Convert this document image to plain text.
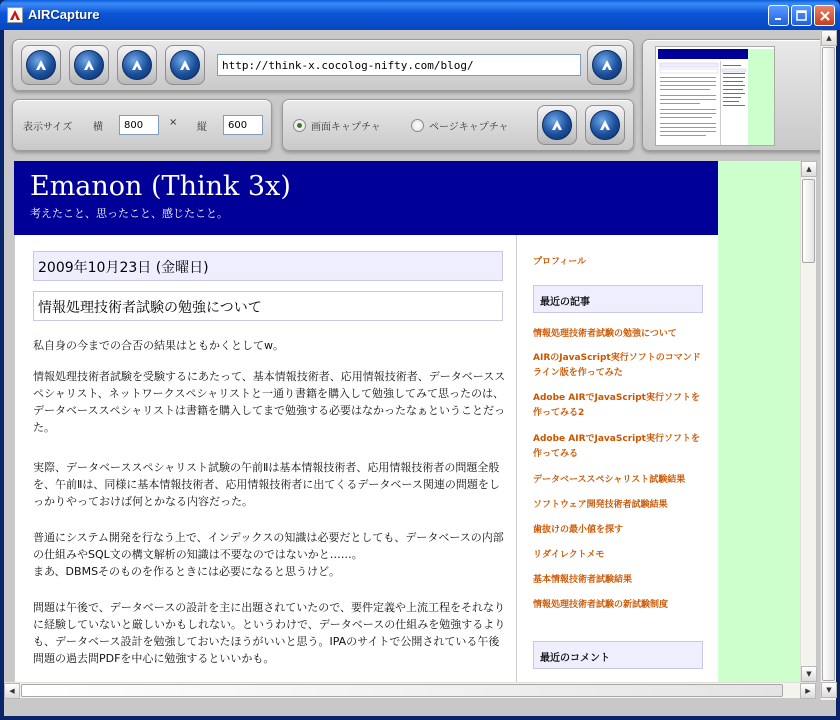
AIRCapture
http://think-x.cocolog-nifty.com/blog/
表示サイズ 横
800	× 縦
600	画面キャプチャ	ページキャプチャ
Emanon (Think 3x)
考えたこと、思ったこと、感じたこと。
2009年10月23日 (金曜日)
情報処理技術者試験の勉強について
私自身の今までの合否の結果はともかくとしてw。
情報処理技術者試験を受験するにあたって、基本情報技術者、応用情報技術者、データベーススペシャリスト、ネットワークスペシャリストと一通り書籍を購入して勉強してみて思ったのは、データベーススペシャリストは書籍を購入してまで勉強する必要はなかったなぁということだった。
実際、データベーススペシャリスト試験の午前Ⅱは基本情報技術者、応用情報技術者の問題全般を、午前Ⅱは、同様に基本情報技術者、応用情報技術者に出てくるデータベース関連の問題をしっかりやっておけば何とかなる内容だった。
普通にシステム開発を行なう上で、インデックスの知識は必要だとしても、データベースの内部の仕組みやSQL文の構文解析の知識は不要なのではないかと……。
まあ、DBMSそのものを作るときには必要になると思うけど。
問題は午後で、データベースの設計を主に出題されていたので、要件定義や上流工程をそれなりに経験していないと厳しいかもしれない。というわけで、データベースの仕組みを勉強するよりも、データベース設計を勉強しておいたほうがいいと思う。IPAのサイトで公開されている午後問題の過去問PDFを中心に勉強するといいかも。
プロフィール
最近の記事
情報処理技術者試験の勉強について
AIRのJavaScript実行ソフトのコマンドライン版を作ってみた
Adobe AIRでJavaScript実行ソフトを作ってみる2
Adobe AIRでJavaScript実行ソフトを作ってみる
データベーススペシャリスト試験結果
ソフトウェア開発技術者試験結果
歯抜けの最小値を探す
リダイレクトメモ
基本情報技術者試験結果
情報処理技術者試験の新試験制度
最近のコメント
▲
▼
◀	▶
▲
▼
